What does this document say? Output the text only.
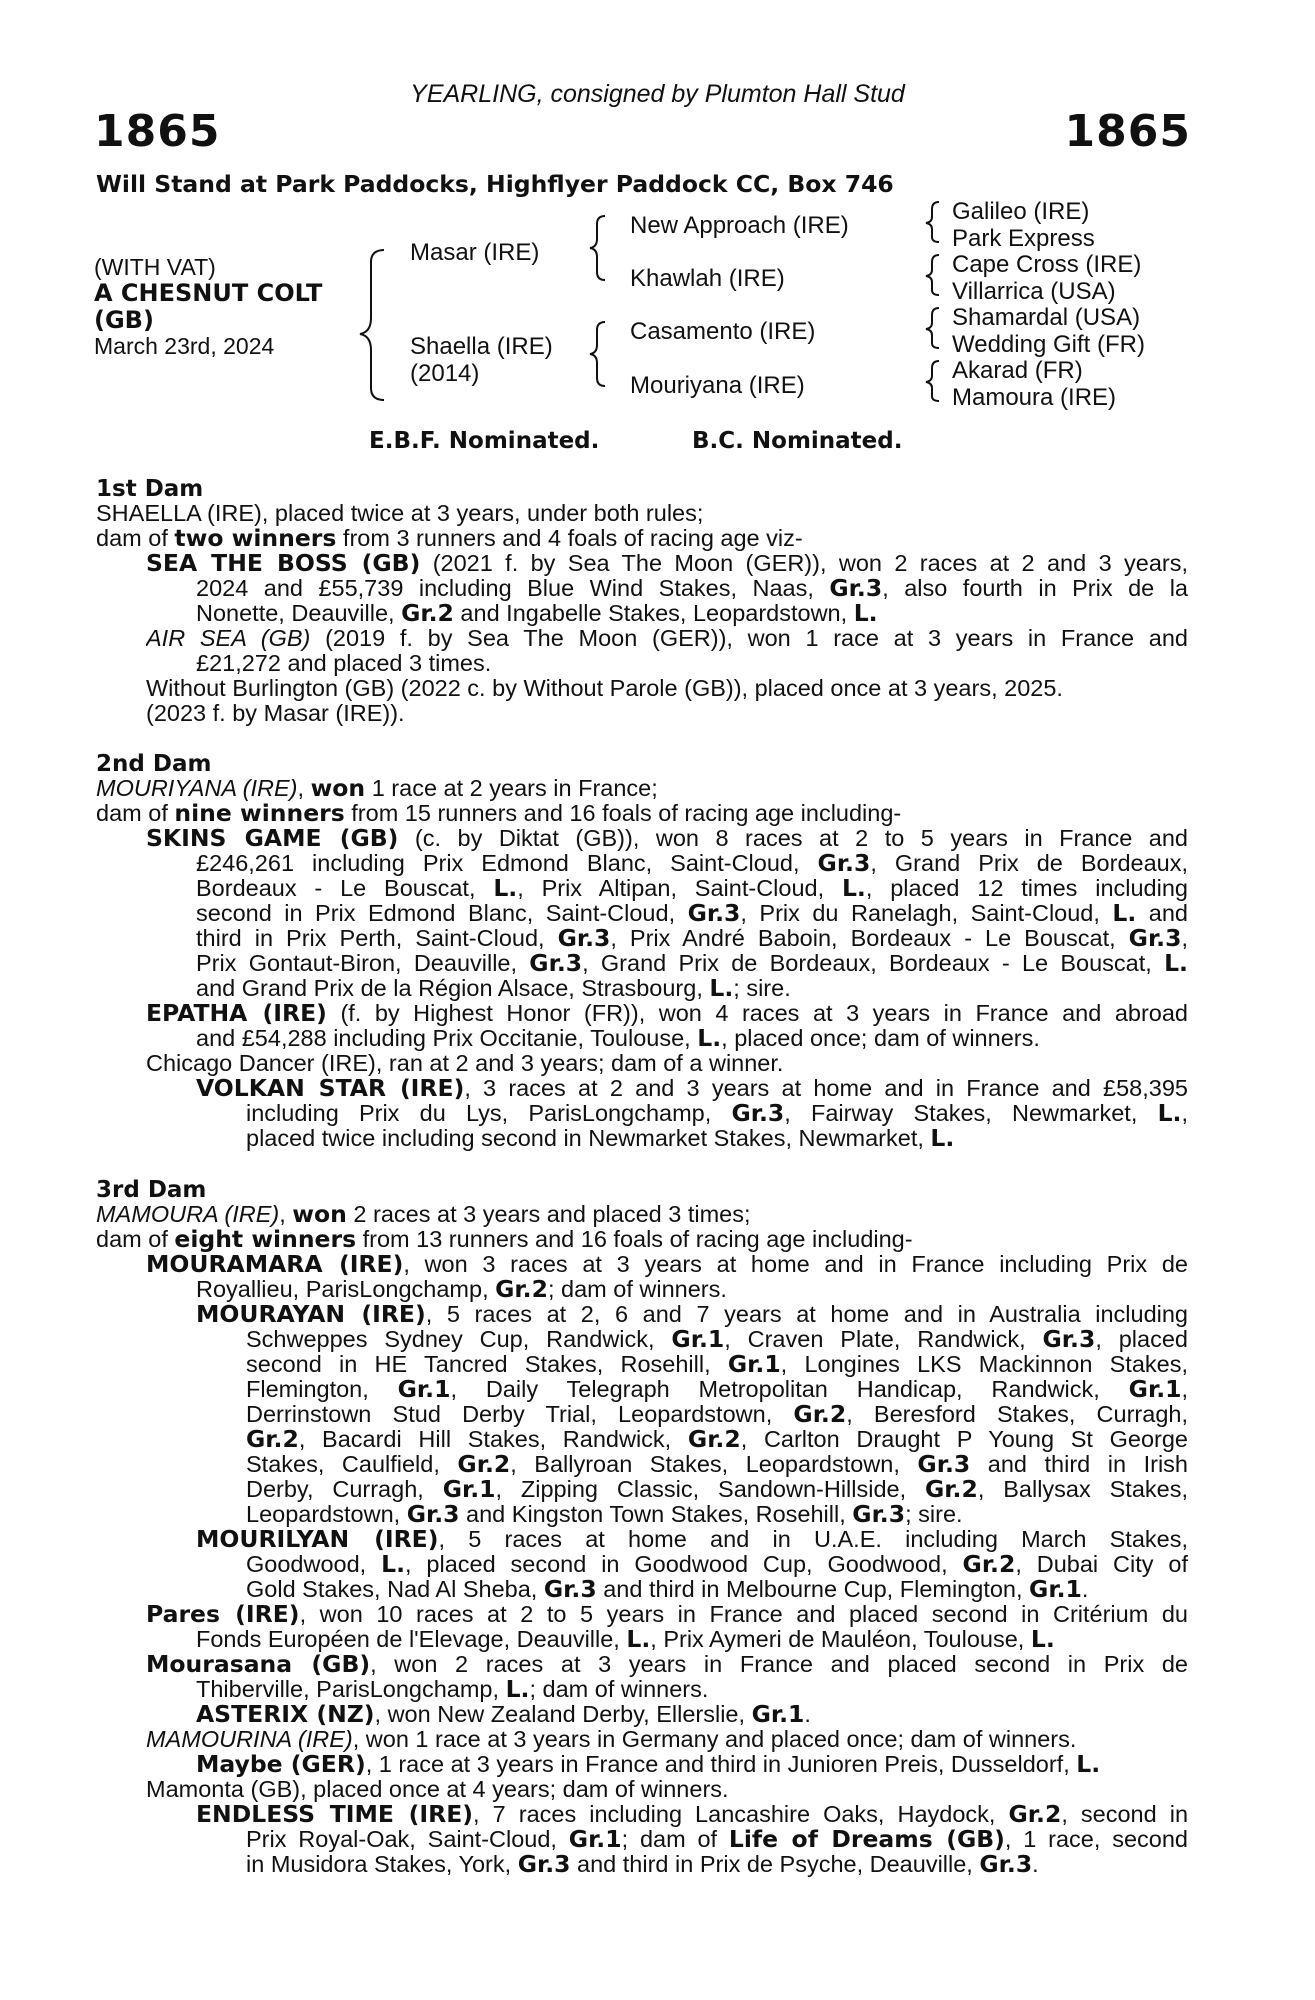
YEARLING, consigned by Plumton Hall Stud
1865	1865
Will Stand at Park Paddocks, Highflyer Paddock CC, Box 746
(WITH VAT)
A CHESNUT COLT
(GB)
March 23rd, 2024
Masar (IRE)
Shaella (IRE)
(2014)
New Approach (IRE)
Khawlah (IRE)
Casamento (IRE)
Mouriyana (IRE)
Galileo (IRE)
Park Express
Cape Cross (IRE)
Villarrica (USA)
Shamardal (USA)
Wedding Gift (FR)
Akarad (FR)
Mamoura (IRE)
E.B.F. Nominated.	B.C. Nominated.
1st Dam
SHAELLA (IRE), placed twice at 3 years, under both rules;
dam of two winners from 3 runners and 4 foals of racing age viz-
SEA THE BOSS (GB) (2021 f. by Sea The Moon (GER)), won 2 races at 2 and 3 years,
2024 and £55,739 including Blue Wind Stakes, Naas, Gr.3, also fourth in Prix de la
Nonette, Deauville, Gr.2 and Ingabelle Stakes, Leopardstown, L.
AIR SEA (GB) (2019 f. by Sea The Moon (GER)), won 1 race at 3 years in France and
£21,272 and placed 3 times.
Without Burlington (GB) (2022 c. by Without Parole (GB)), placed once at 3 years, 2025.
(2023 f. by Masar (IRE)).
2nd Dam
MOURIYANA (IRE), won 1 race at 2 years in France;
dam of nine winners from 15 runners and 16 foals of racing age including-
SKINS GAME (GB) (c. by Diktat (GB)), won 8 races at 2 to 5 years in France and
£246,261 including Prix Edmond Blanc, Saint-Cloud, Gr.3, Grand Prix de Bordeaux,
Bordeaux - Le Bouscat, L., Prix Altipan, Saint-Cloud, L., placed 12 times including
second in Prix Edmond Blanc, Saint-Cloud, Gr.3, Prix du Ranelagh, Saint-Cloud, L. and
third in Prix Perth, Saint-Cloud, Gr.3, Prix André Baboin, Bordeaux - Le Bouscat, Gr.3,
Prix Gontaut-Biron, Deauville, Gr.3, Grand Prix de Bordeaux, Bordeaux - Le Bouscat, L.
and Grand Prix de la Région Alsace, Strasbourg, L.; sire.
EPATHA (IRE) (f. by Highest Honor (FR)), won 4 races at 3 years in France and abroad
and £54,288 including Prix Occitanie, Toulouse, L., placed once; dam of winners.
Chicago Dancer (IRE), ran at 2 and 3 years; dam of a winner.
VOLKAN STAR (IRE), 3 races at 2 and 3 years at home and in France and £58,395
including Prix du Lys, ParisLongchamp, Gr.3, Fairway Stakes, Newmarket, L.,
placed twice including second in Newmarket Stakes, Newmarket, L.
3rd Dam
MAMOURA (IRE), won 2 races at 3 years and placed 3 times;
dam of eight winners from 13 runners and 16 foals of racing age including-
MOURAMARA (IRE), won 3 races at 3 years at home and in France including Prix de
Royallieu, ParisLongchamp, Gr.2; dam of winners.
MOURAYAN (IRE), 5 races at 2, 6 and 7 years at home and in Australia including
Schweppes Sydney Cup, Randwick, Gr.1, Craven Plate, Randwick, Gr.3, placed
second in HE Tancred Stakes, Rosehill, Gr.1, Longines LKS Mackinnon Stakes,
Flemington, Gr.1, Daily Telegraph Metropolitan Handicap, Randwick, Gr.1,
Derrinstown Stud Derby Trial, Leopardstown, Gr.2, Beresford Stakes, Curragh,
Gr.2, Bacardi Hill Stakes, Randwick, Gr.2, Carlton Draught P Young St George
Stakes, Caulfield, Gr.2, Ballyroan Stakes, Leopardstown, Gr.3 and third in Irish
Derby, Curragh, Gr.1, Zipping Classic, Sandown-Hillside, Gr.2, Ballysax Stakes,
Leopardstown, Gr.3 and Kingston Town Stakes, Rosehill, Gr.3; sire.
MOURILYAN (IRE), 5 races at home and in U.A.E. including March Stakes,
Goodwood, L., placed second in Goodwood Cup, Goodwood, Gr.2, Dubai City of
Gold Stakes, Nad Al Sheba, Gr.3 and third in Melbourne Cup, Flemington, Gr.1.
Pares (IRE), won 10 races at 2 to 5 years in France and placed second in Critérium du
Fonds Européen de l'Elevage, Deauville, L., Prix Aymeri de Mauléon, Toulouse, L.
Mourasana (GB), won 2 races at 3 years in France and placed second in Prix de
Thiberville, ParisLongchamp, L.; dam of winners.
ASTERIX (NZ), won New Zealand Derby, Ellerslie, Gr.1.
MAMOURINA (IRE), won 1 race at 3 years in Germany and placed once; dam of winners.
Maybe (GER), 1 race at 3 years in France and third in Junioren Preis, Dusseldorf, L.
Mamonta (GB), placed once at 4 years; dam of winners.
ENDLESS TIME (IRE), 7 races including Lancashire Oaks, Haydock, Gr.2, second in
Prix Royal-Oak, Saint-Cloud, Gr.1; dam of Life of Dreams (GB), 1 race, second
in Musidora Stakes, York, Gr.3 and third in Prix de Psyche, Deauville, Gr.3.
